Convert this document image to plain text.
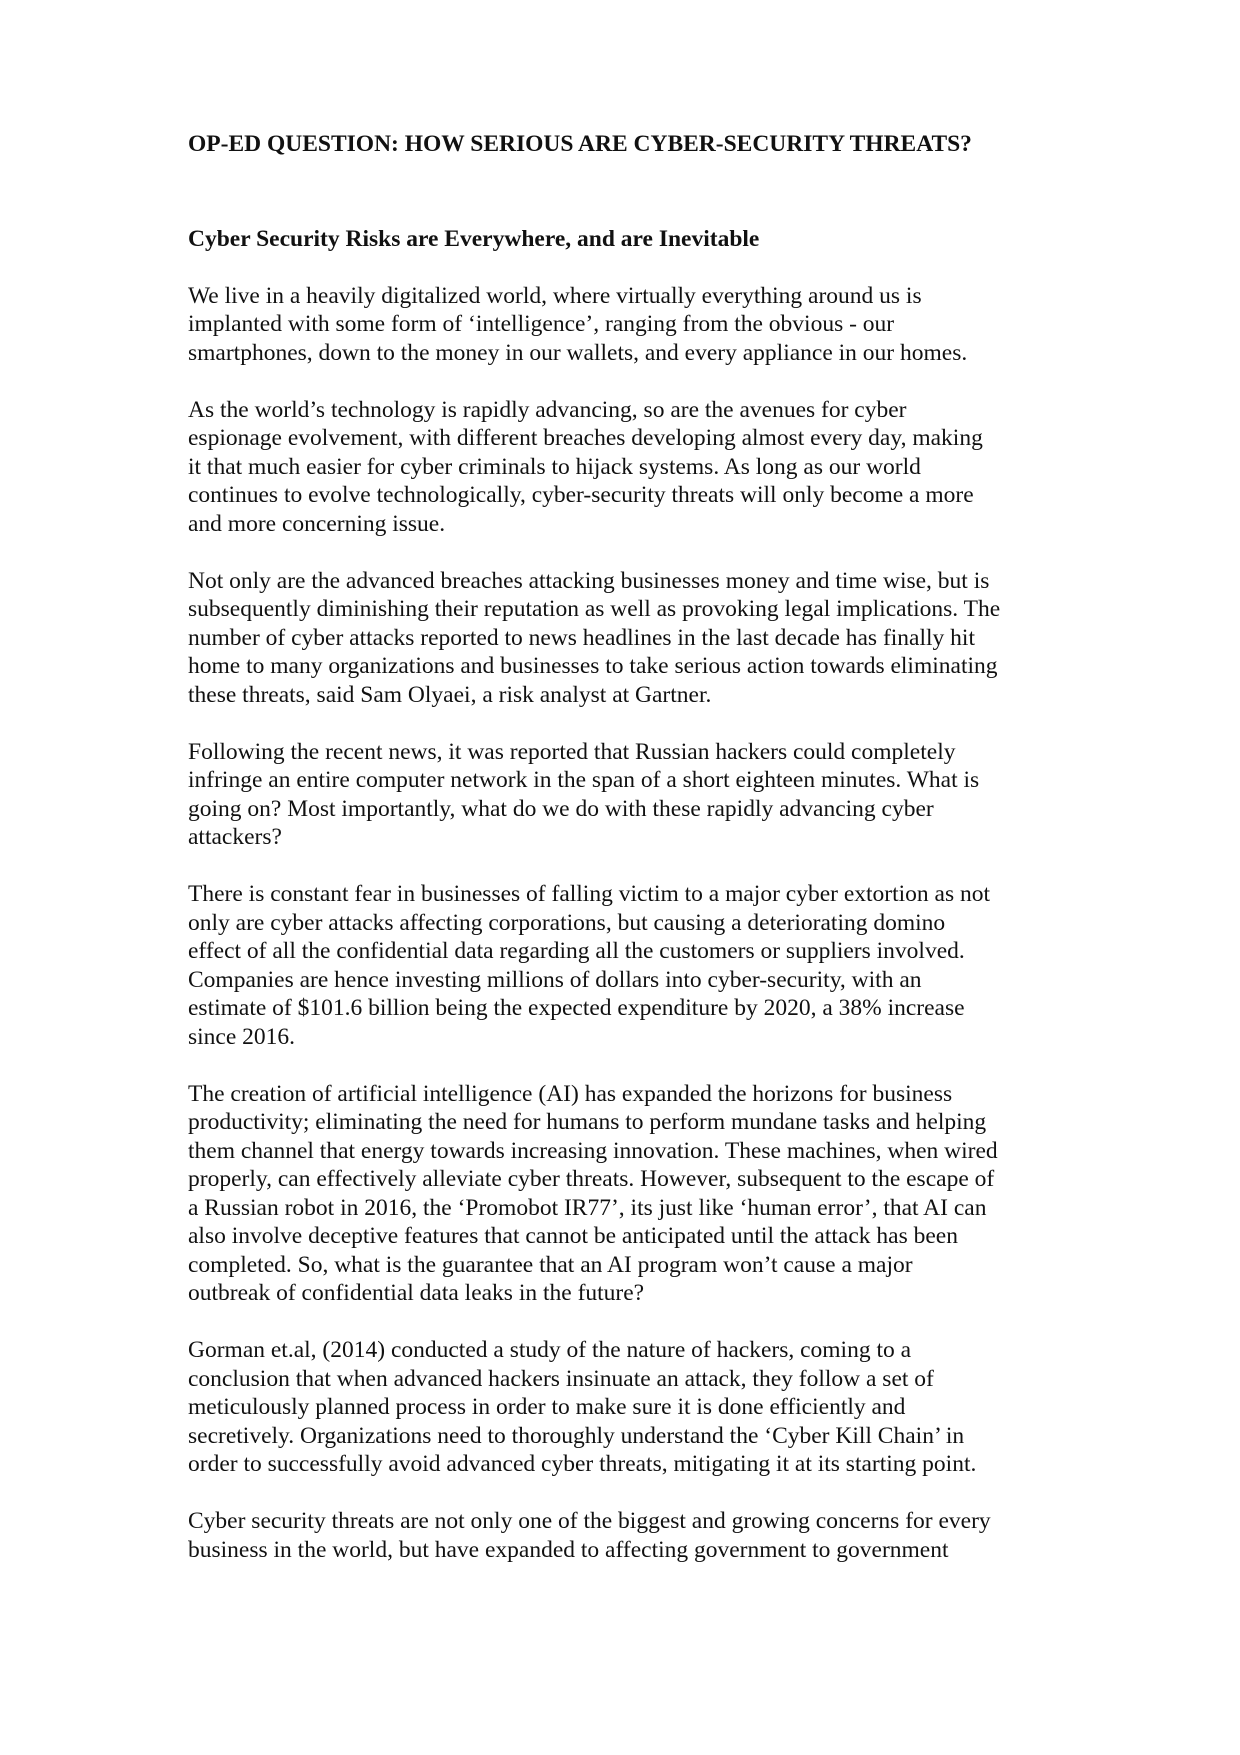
OP-ED QUESTION: HOW SERIOUS ARE CYBER-SECURITY THREATS?
Cyber Security Risks are Everywhere, and are Inevitable

We live in a heavily digitalized world, where virtually everything around us is
implanted with some form of ‘intelligence’, ranging from the obvious - our
smartphones, down to the money in our wallets, and every appliance in our homes.

As the world’s technology is rapidly advancing, so are the avenues for cyber
espionage evolvement, with different breaches developing almost every day, making
it that much easier for cyber criminals to hijack systems. As long as our world
continues to evolve technologically, cyber-security threats will only become a more
and more concerning issue.

Not only are the advanced breaches attacking businesses money and time wise, but is
subsequently diminishing their reputation as well as provoking legal implications. The
number of cyber attacks reported to news headlines in the last decade has finally hit
home to many organizations and businesses to take serious action towards eliminating
these threats, said Sam Olyaei, a risk analyst at Gartner.

Following the recent news, it was reported that Russian hackers could completely
infringe an entire computer network in the span of a short eighteen minutes. What is
going on? Most importantly, what do we do with these rapidly advancing cyber
attackers?

There is constant fear in businesses of falling victim to a major cyber extortion as not
only are cyber attacks affecting corporations, but causing a deteriorating domino
effect of all the confidential data regarding all the customers or suppliers involved.
Companies are hence investing millions of dollars into cyber-security, with an
estimate of $101.6 billion being the expected expenditure by 2020, a 38% increase
since 2016.

The creation of artificial intelligence (AI) has expanded the horizons for business
productivity; eliminating the need for humans to perform mundane tasks and helping
them channel that energy towards increasing innovation. These machines, when wired
properly, can effectively alleviate cyber threats. However, subsequent to the escape of
a Russian robot in 2016, the ‘Promobot IR77’, its just like ‘human error’, that AI can
also involve deceptive features that cannot be anticipated until the attack has been
completed. So, what is the guarantee that an AI program won’t cause a major
outbreak of confidential data leaks in the future?

Gorman et.al, (2014) conducted a study of the nature of hackers, coming to a
conclusion that when advanced hackers insinuate an attack, they follow a set of
meticulously planned process in order to make sure it is done efficiently and
secretively. Organizations need to thoroughly understand the ‘Cyber Kill Chain’ in
order to successfully avoid advanced cyber threats, mitigating it at its starting point.

Cyber security threats are not only one of the biggest and growing concerns for every
business in the world, but have expanded to affecting government to government
